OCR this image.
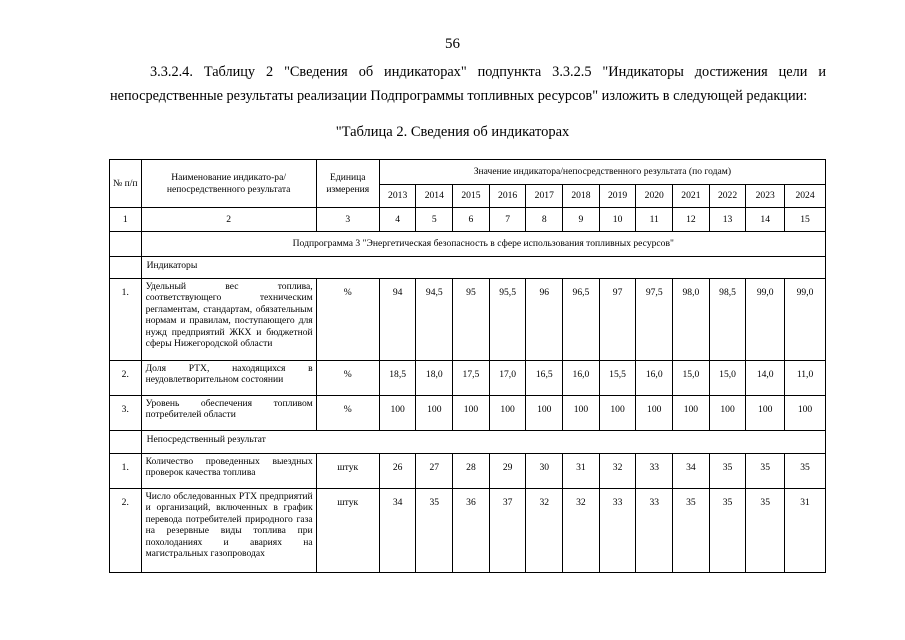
56
3.3.2.4. Таблицу 2 "Сведения об индикаторах" подпункта 3.3.2.5 "Индикаторы достижения цели и непосредственные результаты реализации Подпрограммы топливных ресурсов" изложить в следующей редакции:
"Таблица 2. Сведения об индикаторах
№ п/п	Наименование индикато-ра/непосредственного результата	Единица измерения	Значение индикатора/непосредственного результата (по годам)											
			2013	2014	2015	2016	2017	2018	2019	2020	2021	2022	2023	2024
1	2	3	4	5	6	7	8	9	10	11	12	13	14	15
	Подпрограмма 3 "Энергетическая безопасность в сфере использования топливных ресурсов"													
	Индикаторы													
1.	Удельный вес топлива, соответствующего техническим регламентам, стандартам, обязательным нормам и правилам, поступающего для нужд предприятий ЖКХ и бюджетной сферы Нижегородской области	%	94	94,5	95	95,5	96	96,5	97	97,5	98,0	98,5	99,0	99,0
2.	Доля РТХ, находящихся в неудовлетворительном состоянии	%	18,5	18,0	17,5	17,0	16,5	16,0	15,5	16,0	15,0	15,0	14,0	11,0
3.	Уровень обеспечения топливом потребителей области	%	100	100	100	100	100	100	100	100	100	100	100	100
	Непосредственный результат													
1.	Количество проведенных выездных проверок качества топлива	штук	26	27	28	29	30	31	32	33	34	35	35	35
2.	Число обследованных РТХ предприятий и организаций, включенных в график перевода потребителей природного газа на резервные виды топлива при похолоданиях и авариях на магистральных газопроводах	штук	34	35	36	37	32	32	33	33	35	35	35	31
